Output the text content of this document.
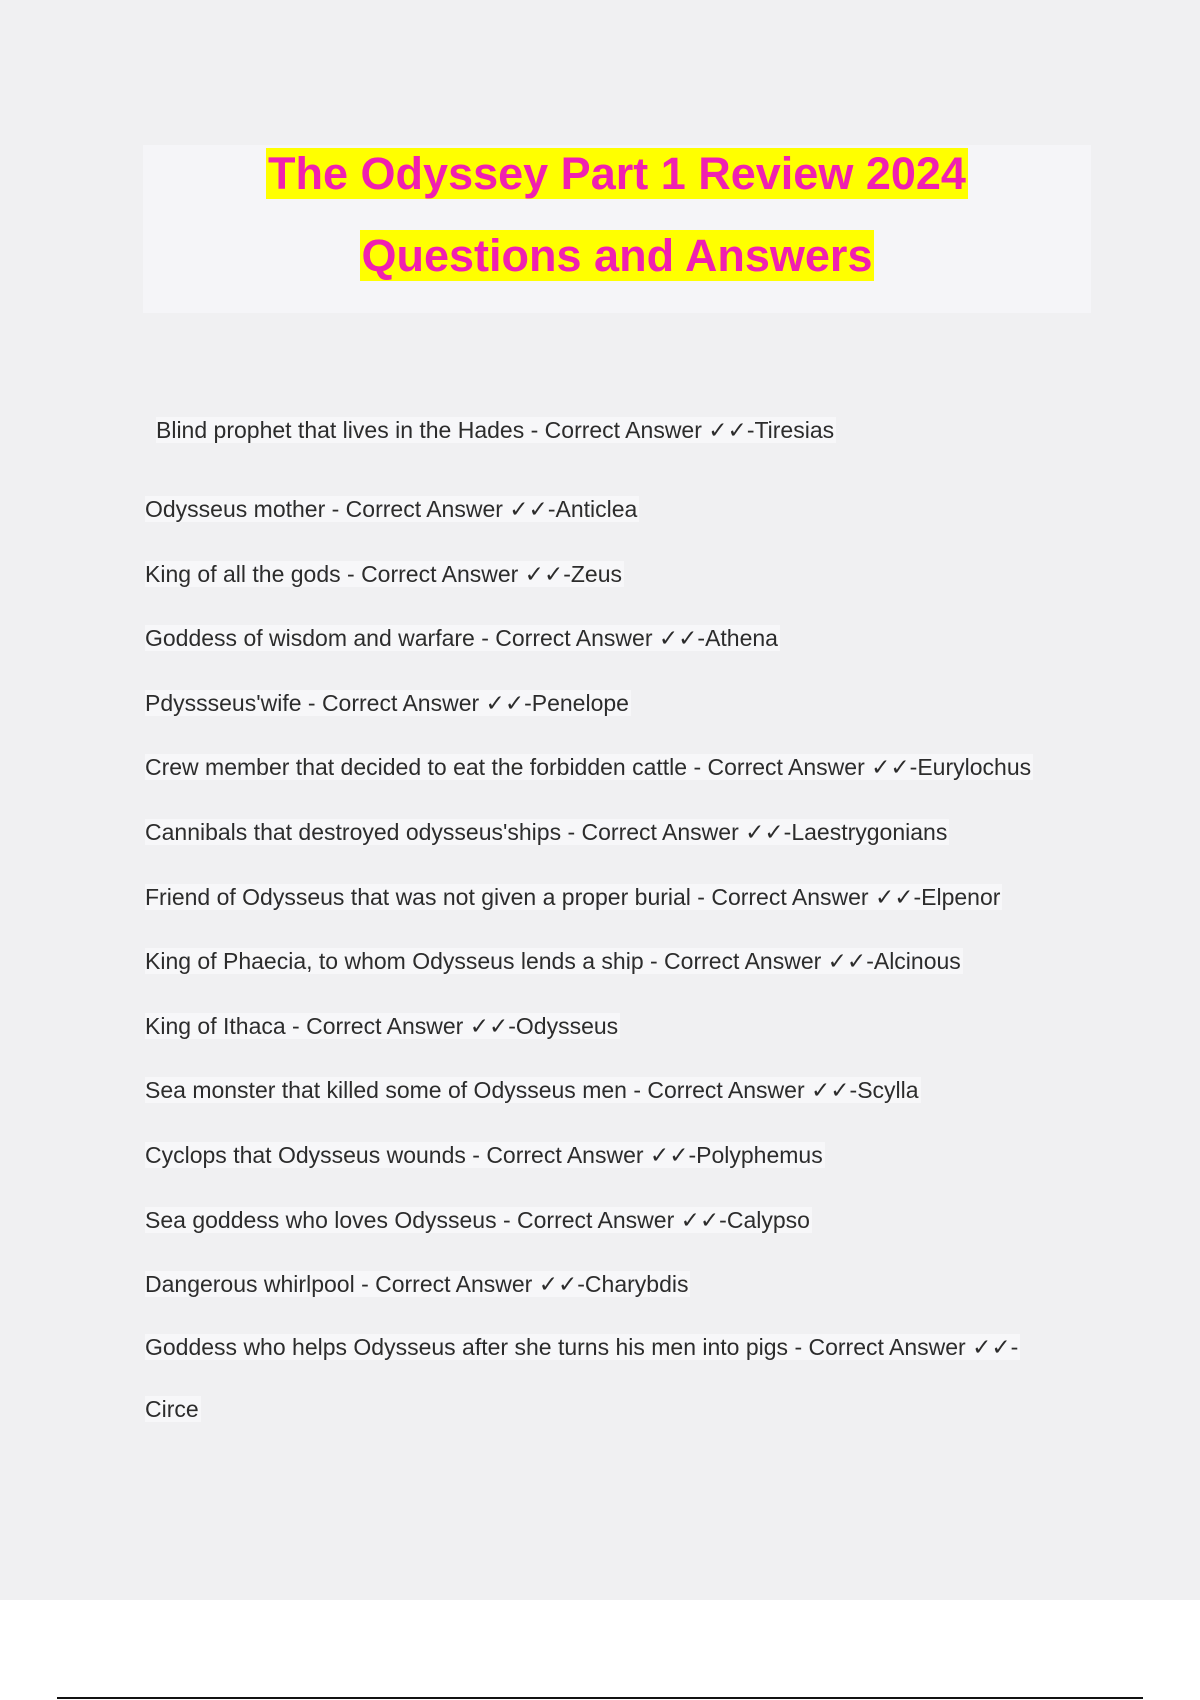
The Odyssey Part 1 Review 2024
Questions and Answers
Blind prophet that lives in the Hades - Correct Answer ✓✓-Tiresias
Odysseus mother - Correct Answer ✓✓-Anticlea
King of all the gods - Correct Answer ✓✓-Zeus
Goddess of wisdom and warfare - Correct Answer ✓✓-Athena
Pdyssseus'wife - Correct Answer ✓✓-Penelope
Crew member that decided to eat the forbidden cattle - Correct Answer ✓✓-Eurylochus
Cannibals that destroyed odysseus'ships - Correct Answer ✓✓-Laestrygonians
Friend of Odysseus that was not given a proper burial - Correct Answer ✓✓-Elpenor
King of Phaecia, to whom Odysseus lends a ship - Correct Answer ✓✓-Alcinous
King of Ithaca - Correct Answer ✓✓-Odysseus
Sea monster that killed some of Odysseus men - Correct Answer ✓✓-Scylla
Cyclops that Odysseus wounds - Correct Answer ✓✓-Polyphemus
Sea goddess who loves Odysseus - Correct Answer ✓✓-Calypso
Dangerous whirlpool - Correct Answer ✓✓-Charybdis
Goddess who helps Odysseus after she turns his men into pigs - Correct Answer ✓✓-
Circe
